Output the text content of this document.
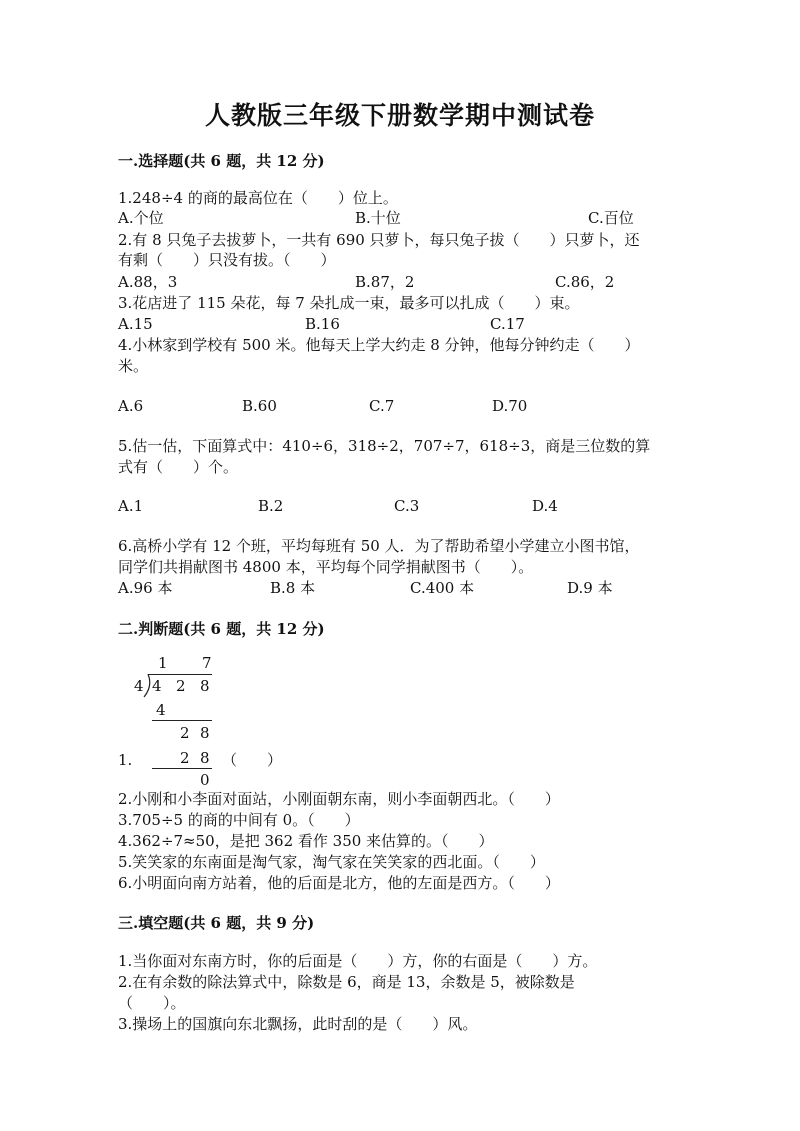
人教版三年级下册数学期中测试卷
一.选择题(共 6 题，共 12 分)
1.248÷4 的商的最高位在（　　）位上。
A.个位	B.十位	C.百位
2.有 8 只兔子去拔萝卜，一共有 690 只萝卜，每只兔子拔（　　）只萝卜，还
有剩（　　）只没有拔。（　　）
A.88，3	B.87，2	C.86，2
3.花店进了 115 朵花，每 7 朵扎成一束，最多可以扎成（　　）束。
A.15	B.16	C.17
4.小林家到学校有 500 米。他每天上学大约走 8 分钟，他每分钟约走（　　）
米。
A.6	B.60	C.7	D.70
5.估一估，下面算式中：410÷6，318÷2，707÷7，618÷3，商是三位数的算
式有（　　）个。
A.1	B.2	C.3	D.4
6.高桥小学有 12 个班，平均每班有 50 人．为了帮助希望小学建立小图书馆，
同学们共捐献图书 4800 本，平均每个同学捐献图书（　　）。
A.96 本	B.8 本	C.400 本	D.9 本
二.判断题(共 6 题，共 12 分)
1 7
4 4 2 8
4
2 8
2 8
0
1.	（　　）
2.小刚和小李面对面站，小刚面朝东南，则小李面朝西北。（　　）
3.705÷5 的商的中间有 0。（　　）
4.362÷7≈50，是把 362 看作 350 来估算的。（　　）
5.笑笑家的东南面是淘气家，淘气家在笑笑家的西北面。（　　）
6.小明面向南方站着，他的后面是北方，他的左面是西方。（　　）
三.填空题(共 6 题，共 9 分)
1.当你面对东南方时，你的后面是（　　）方，你的右面是（　　）方。
2.在有余数的除法算式中，除数是 6，商是 13，余数是 5，被除数是
（　　）。
3.操场上的国旗向东北飘扬，此时刮的是（　　）风。
